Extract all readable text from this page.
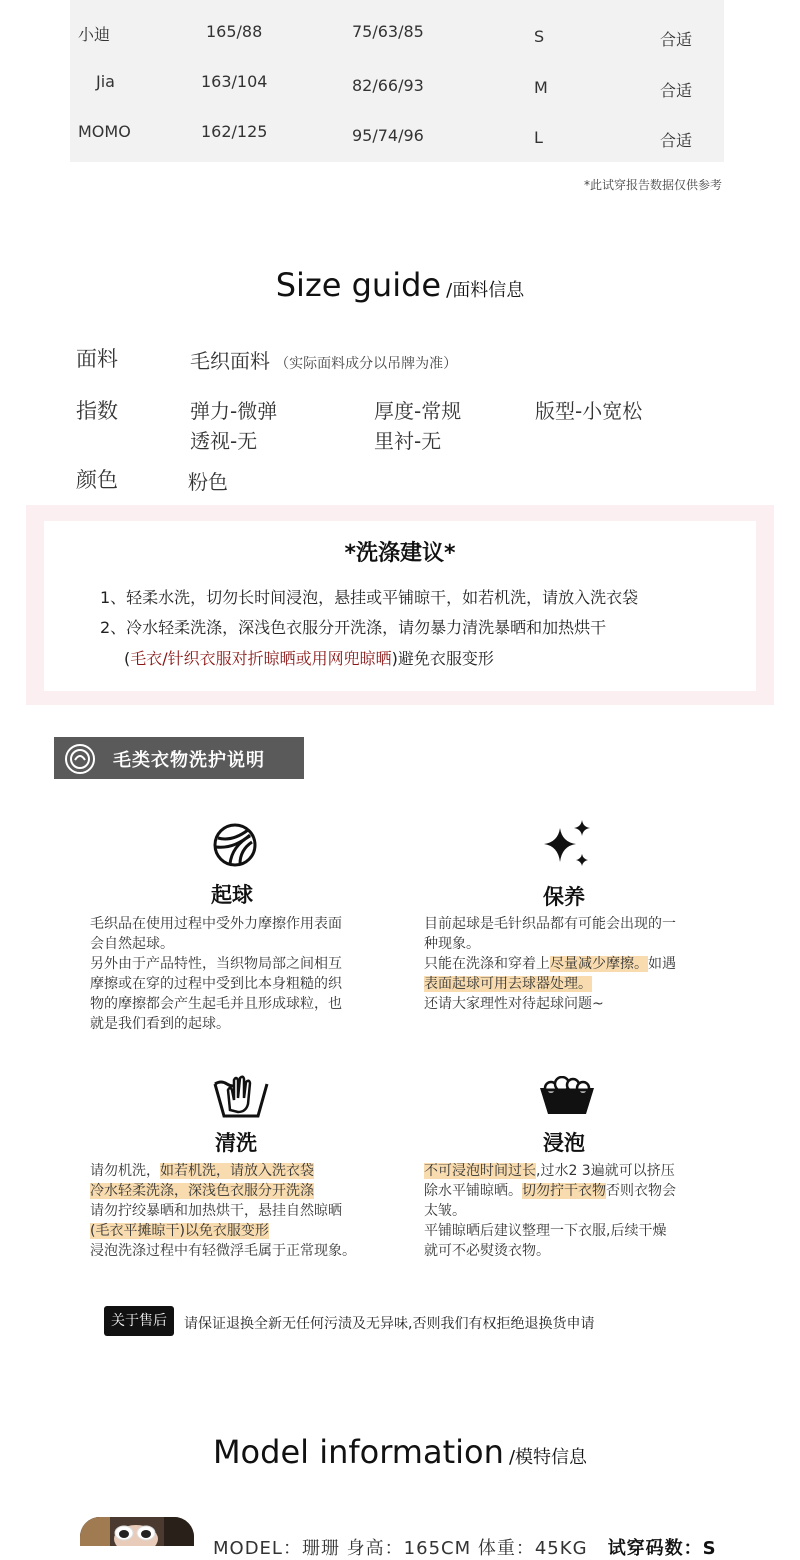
小迪	165/88	75/63/85	S	合适
Jia	163/104	82/66/93	M	合适
MOMO	162/125	95/74/96	L	合适
*此试穿报告数据仅供参考
Size guide /面料信息
面料	毛织面料 （实际面料成分以吊牌为准）
指数	弹力-微弹	厚度-常规	版型-小宽松
透视-无	里衬-无
颜色	粉色
*洗涤建议*
1、轻柔水洗，切勿长时间浸泡，悬挂或平铺晾干，如若机洗，请放入洗衣袋
2、冷水轻柔洗涤，深浅色衣服分开洗涤，请勿暴力清洗暴晒和加热烘干
(毛衣/针织衣服对折晾晒或用网兜晾晒)避免衣服变形
毛类衣物洗护说明
起球

毛织品在使用过程中受外力摩擦作用表面

会自然起球。

另外由于产品特性，当织物局部之间相互

摩擦或在穿的过程中受到比本身粗糙的织

物的摩擦都会产生起毛并且形成球粒，也

就是我们看到的起球。

保养

目前起球是毛针织品都有可能会出现的一

种现象。

只能在洗涤和穿着上尽量减少摩擦。如遇

表面起球可用去球器处理。

还请大家理性对待起球问题~

清洗

请勿机洗，如若机洗，请放入洗衣袋

冷水轻柔洗涤，深浅色衣服分开洗涤

请勿拧绞暴晒和加热烘干，悬挂自然晾晒

(毛衣平摊晾干)以免衣服变形

浸泡洗涤过程中有轻微浮毛属于正常现象。

浸泡

不可浸泡时间过长,过水2 3遍就可以挤压

除水平铺晾晒。切勿拧干衣物否则衣物会

太皱。

平铺晾晒后建议整理一下衣服,后续干燥

就可不必熨烫衣物。

关于售后	请保证退换全新无任何污渍及无异味,否则我们有权拒绝退换货申请
Model information /模特信息
MODEL：珊珊 身高：165CM 体重：45KG 试穿码数：S
